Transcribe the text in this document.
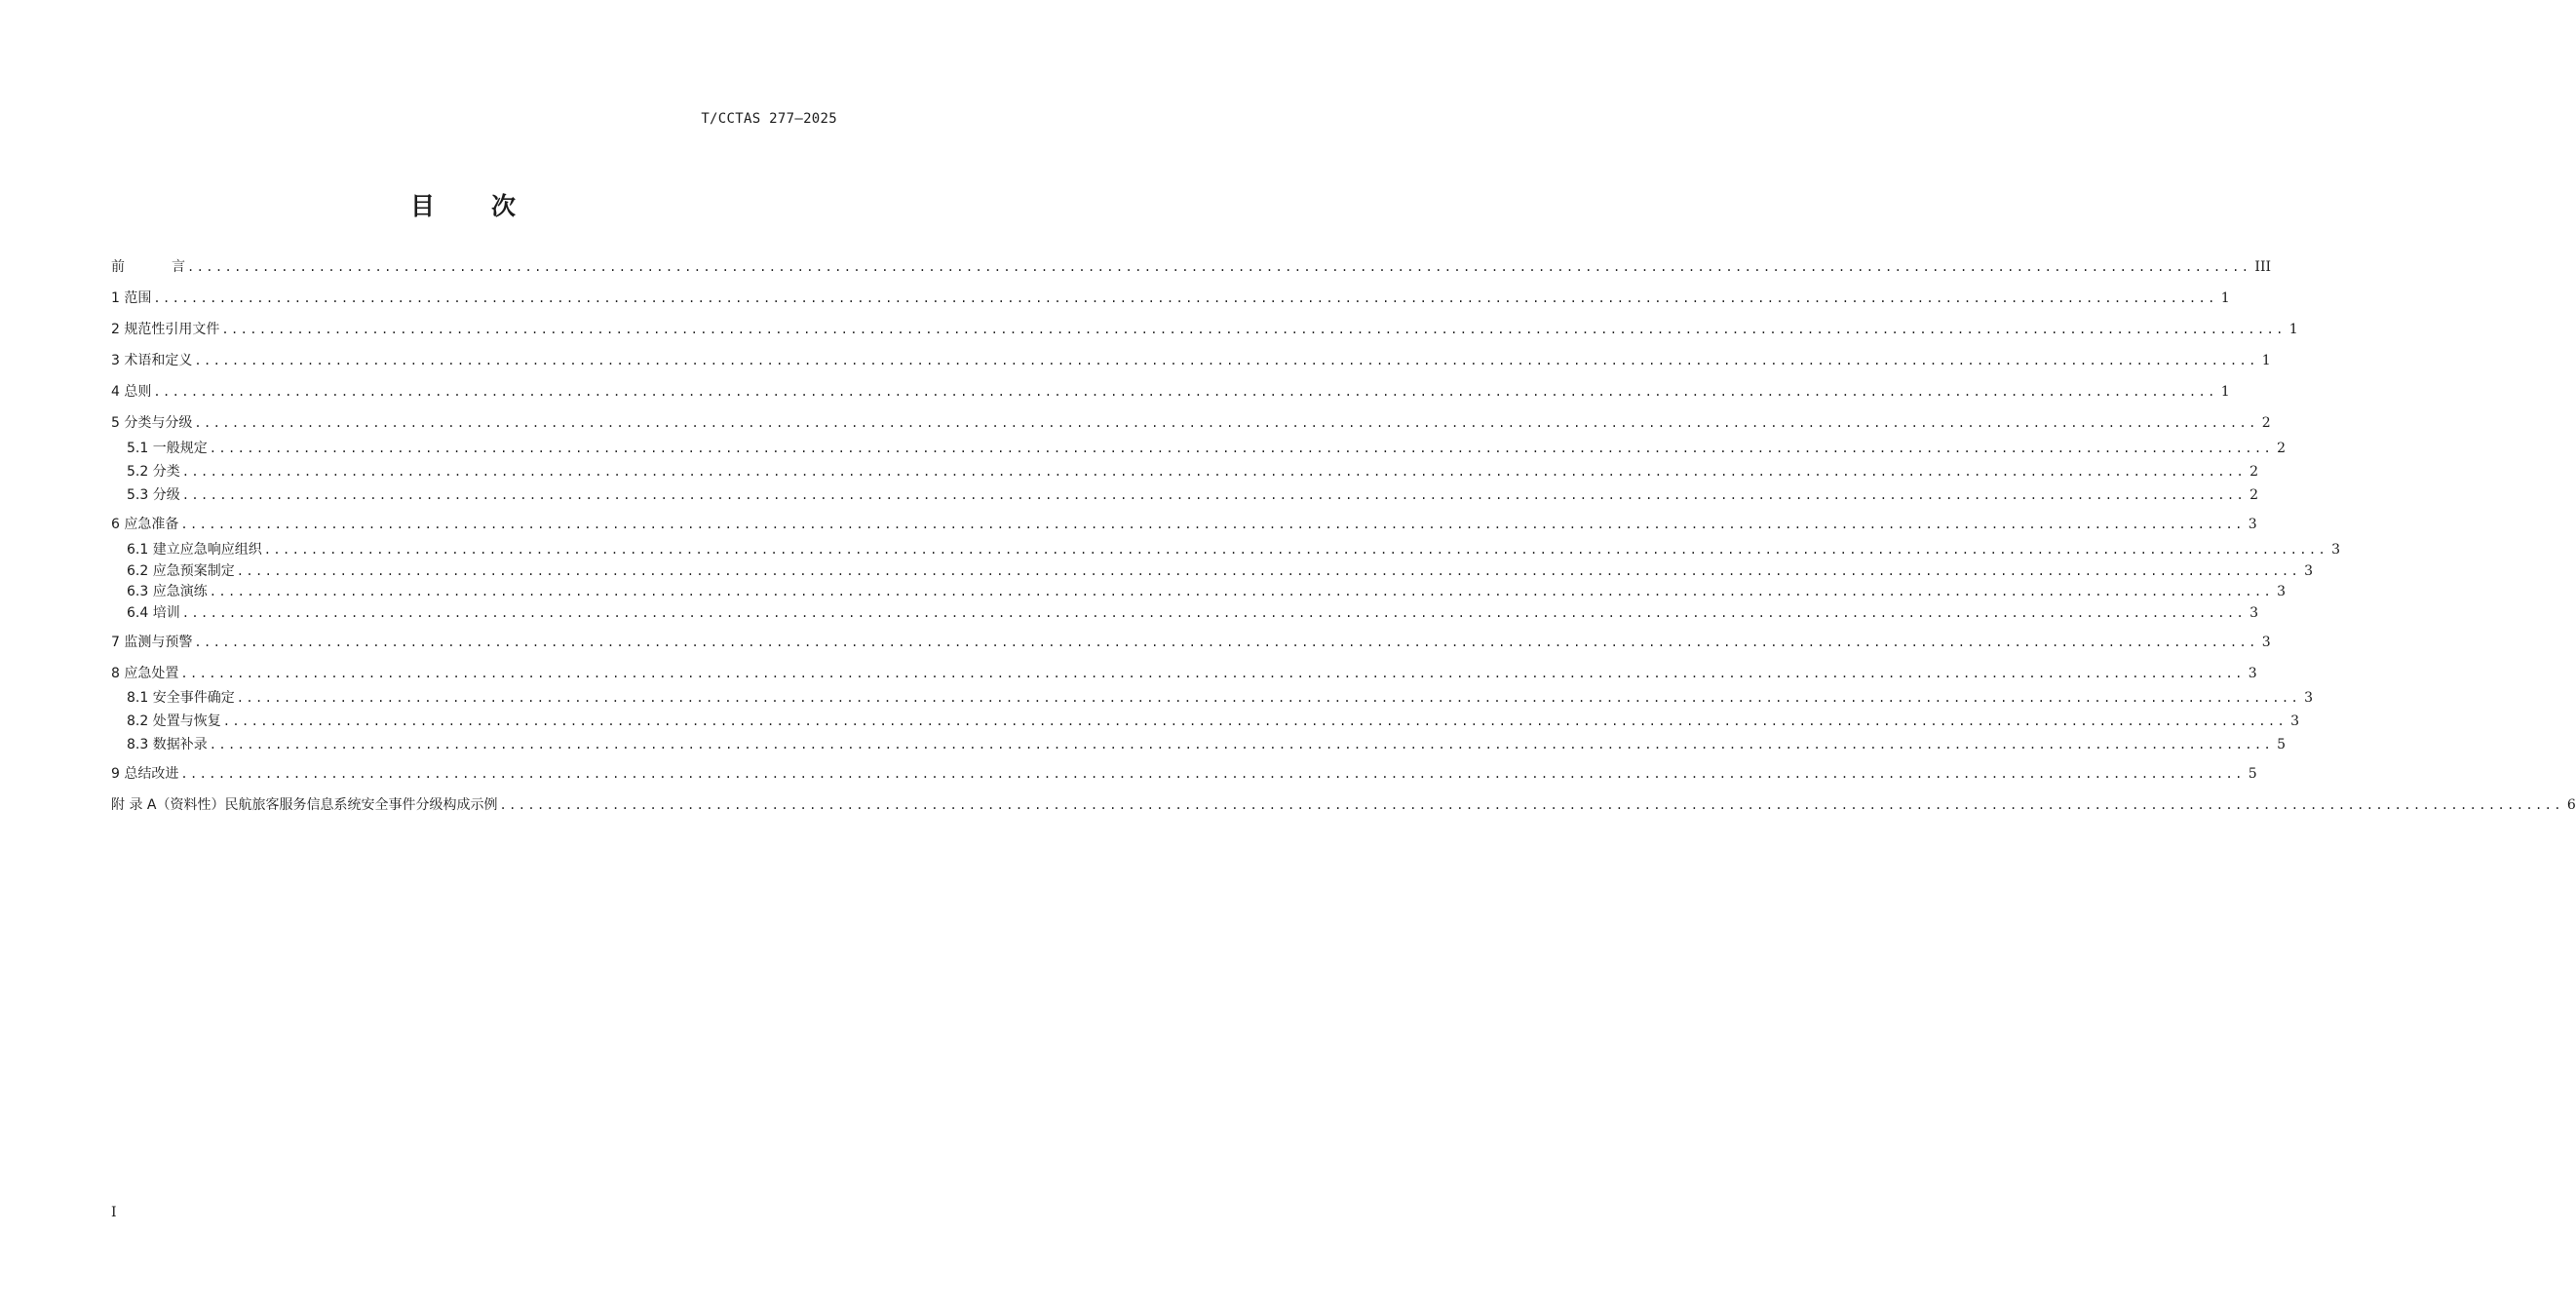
T/CCTAS 277—2025
目次
前	言 ............................................................................................................................................................................................................................ III
1 范围 ............................................................................................................................................................................................................................ 1
2 规范性引用文件 ............................................................................................................................................................................................................................ 1
3 术语和定义 ............................................................................................................................................................................................................................ 1
4 总则 ............................................................................................................................................................................................................................ 1
5 分类与分级 ............................................................................................................................................................................................................................ 2
5.1 一般规定 ............................................................................................................................................................................................................................ 2
5.2 分类 ............................................................................................................................................................................................................................ 2
5.3 分级 ............................................................................................................................................................................................................................ 2
6 应急准备 ............................................................................................................................................................................................................................ 3
6.1 建立应急响应组织 ............................................................................................................................................................................................................................ 3
6.2 应急预案制定 ............................................................................................................................................................................................................................ 3
6.3 应急演练 ............................................................................................................................................................................................................................ 3
6.4 培训 ............................................................................................................................................................................................................................ 3
7 监测与预警 ............................................................................................................................................................................................................................ 3
8 应急处置 ............................................................................................................................................................................................................................ 3
8.1 安全事件确定 ............................................................................................................................................................................................................................ 3
8.2 处置与恢复 ............................................................................................................................................................................................................................ 3
8.3 数据补录 ............................................................................................................................................................................................................................ 5
9 总结改进 ............................................................................................................................................................................................................................ 5
附 录 A（资料性）民航旅客服务信息系统安全事件分级构成示例 ............................................................................................................................................................................................................................ 6
I
